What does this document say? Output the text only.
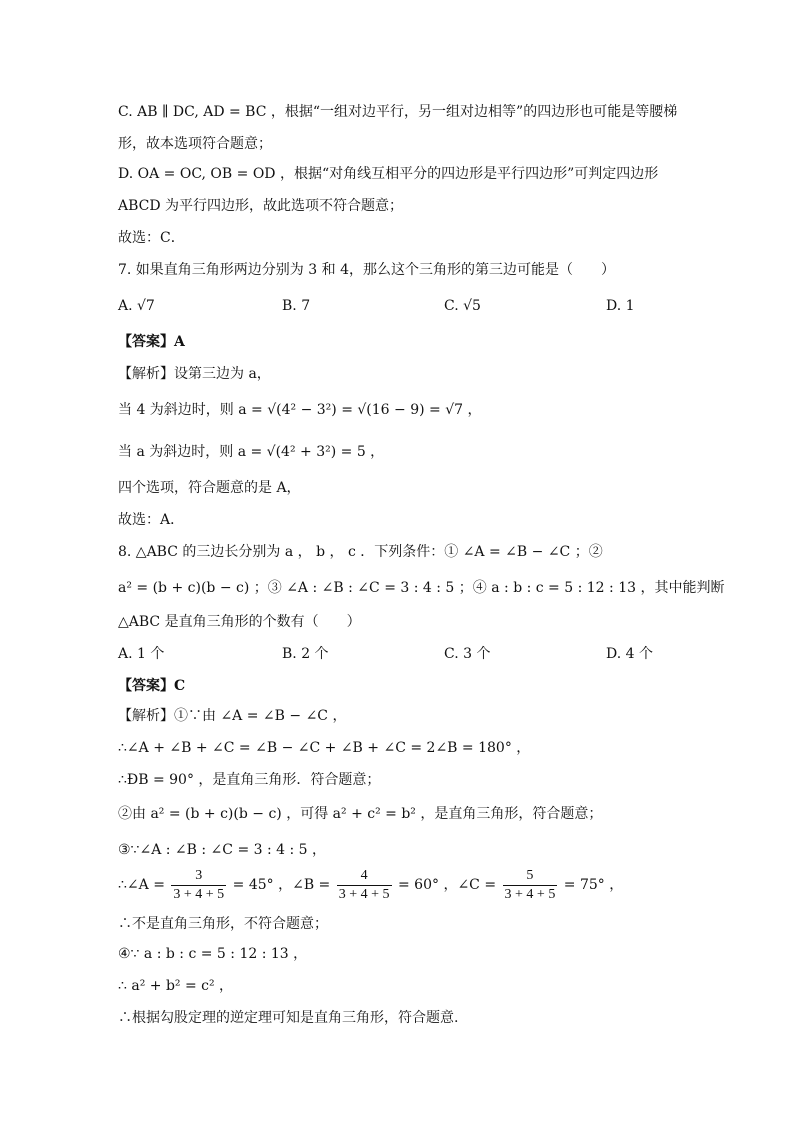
C. AB ∥ DC, AD = BC ，根据“一组对边平行，另一组对边相等”的四边形也可能是等腰梯
形，故本选项符合题意；
D. OA = OC, OB = OD ，根据“对角线互相平分的四边形是平行四边形”可判定四边形
ABCD 为平行四边形，故此选项不符合题意；
故选：C．
7. 如果直角三角形两边分别为 3 和 4，那么这个三角形的第三边可能是（　　）
A. √7	B. 7	C. √5	D. 1
【答案】A
【解析】设第三边为 a，
当 4 为斜边时，则 a = √(4² − 3²) = √(16 − 9) = √7 ，
当 a 为斜边时，则 a = √(4² + 3²) = 5 ，
四个选项，符合题意的是 A，
故选：A．
8. △ABC 的三边长分别为 a ， b ， c ．下列条件：① ∠A = ∠B − ∠C ；②
a² = (b + c)(b − c) ；③ ∠A : ∠B : ∠C = 3 : 4 : 5 ；④ a : b : c = 5 : 12 : 13 ，其中能判断
△ABC 是直角三角形的个数有（　　）
A. 1 个	B. 2 个	C. 3 个	D. 4 个
【答案】C
【解析】①∵由 ∠A = ∠B − ∠C ，
∴∠A + ∠B + ∠C = ∠B − ∠C + ∠B + ∠C = 2∠B = 180° ，
∴ÐB = 90° ，是直角三角形．符合题意；
②由 a² = (b + c)(b − c) ，可得 a² + c² = b² ，是直角三角形，符合题意；
③∵∠A : ∠B : ∠C = 3 : 4 : 5 ，
∴∠A = $\frac{3}{3 + 4 + 5} = 45^\circ$ ，∠B = $\frac{4}{3 + 4 + 5} = 60^\circ$ ，∠C = $\frac{5}{3 + 4 + 5} = 75^\circ$ ，
∴不是直角三角形，不符合题意；
④∵ a : b : c = 5 : 12 : 13 ，
∴ a² + b² = c² ，
∴根据勾股定理的逆定理可知是直角三角形，符合题意.
